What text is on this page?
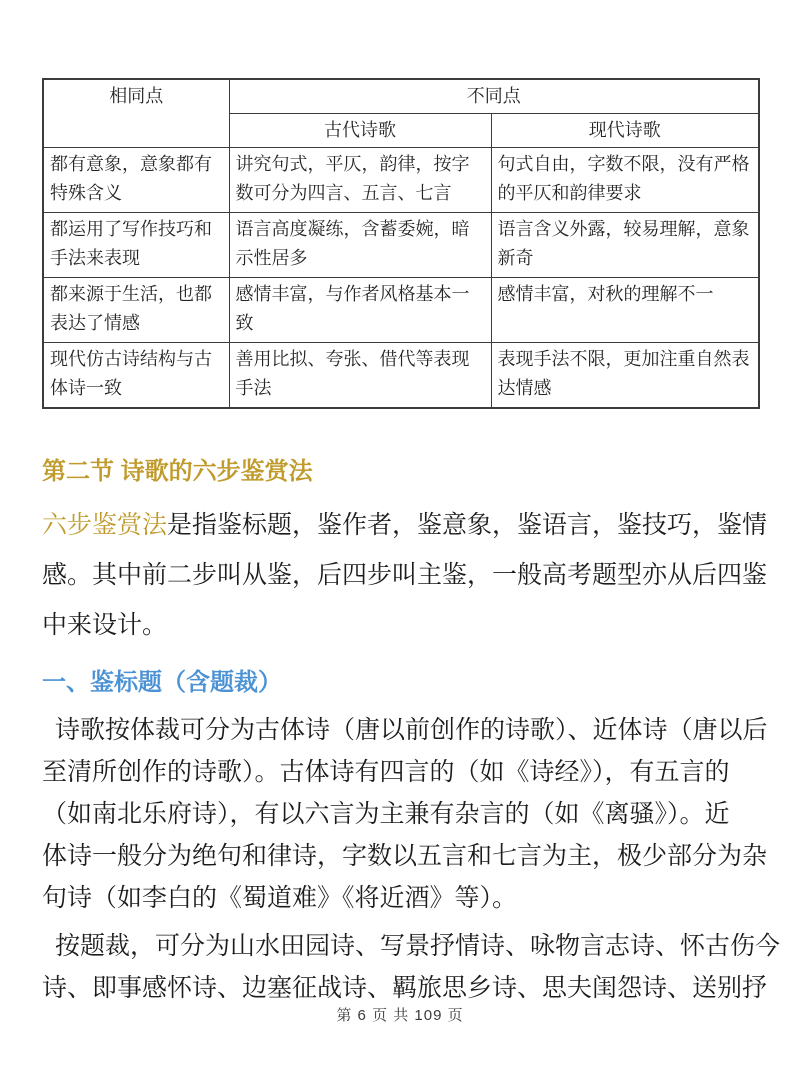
相同点	不同点	
	古代诗歌	现代诗歌
都有意象，意象都有特殊含义	讲究句式，平仄，韵律，按字数可分为四言、五言、七言	句式自由，字数不限，没有严格的平仄和韵律要求
都运用了写作技巧和手法来表现	语言高度凝练，含蓄委婉，暗示性居多	语言含义外露，较易理解，意象新奇
都来源于生活，也都表达了情感	感情丰富，与作者风格基本一致	感情丰富，对秋的理解不一
现代仿古诗结构与古体诗一致	善用比拟、夸张、借代等表现手法	表现手法不限，更加注重自然表达情感
第二节 诗歌的六步鉴赏法
六步鉴赏法是指鉴标题，鉴作者，鉴意象，鉴语言，鉴技巧，鉴情
感。其中前二步叫从鉴，后四步叫主鉴，一般高考题型亦从后四鉴
中来设计。
一、鉴标题（含题裁）
诗歌按体裁可分为古体诗（唐以前创作的诗歌）、近体诗（唐以后
至清所创作的诗歌）。古体诗有四言的（如《诗经》），有五言的
（如南北乐府诗），有以六言为主兼有杂言的（如《离骚》）。近
体诗一般分为绝句和律诗，字数以五言和七言为主，极少部分为杂
句诗（如李白的《蜀道难》《将近酒》等）。
按题裁，可分为山水田园诗、写景抒情诗、咏物言志诗、怀古伤今
诗、即事感怀诗、边塞征战诗、羁旅思乡诗、思夫闺怨诗、送别抒
第 6 页 共 109 页
